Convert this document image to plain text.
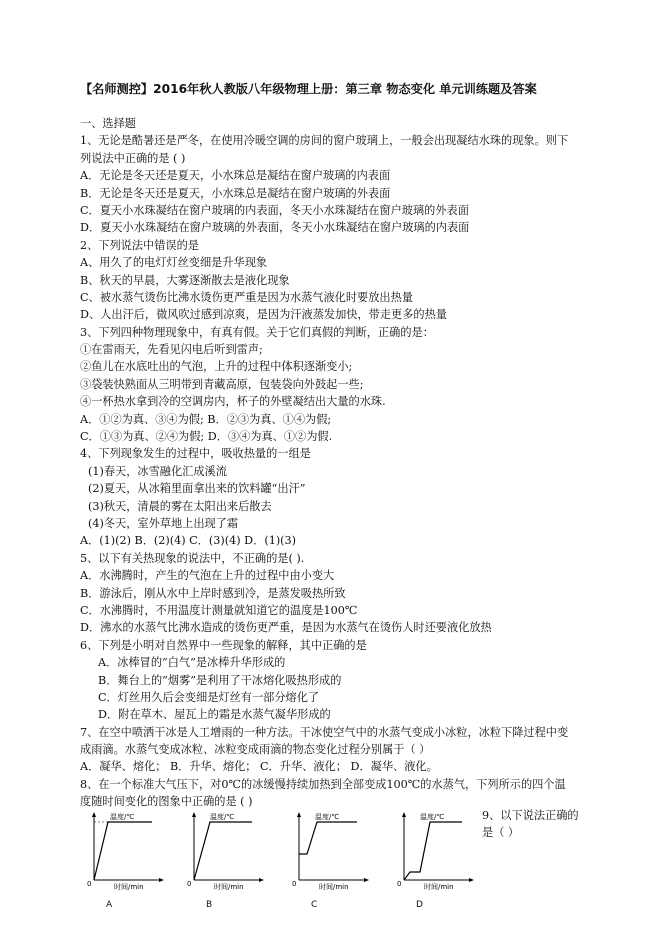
【名师测控】2016年秋人教版八年级物理上册：第三章 物态变化 单元训练题及答案
一、选择题
1、无论是酷暑还是严冬，在使用冷暖空调的房间的窗户玻璃上，一般会出现凝结水珠的现象。则下
列说法中正确的是 ( )
A．无论是冬天还是夏天，小水珠总是凝结在窗户玻璃的内表面
B．无论是冬天还是夏天，小水珠总是凝结在窗户玻璃的外表面
C．夏天小水珠凝结在窗户玻璃的内表面，冬天小水珠凝结在窗户玻璃的外表面
D．夏天小水珠凝结在窗户玻璃的外表面，冬天小水珠凝结在窗户玻璃的内表面
2、下列说法中错误的是
A、用久了的电灯灯丝变细是升华现象
B、秋天的早晨，大雾逐渐散去是液化现象
C、被水蒸气烫伤比沸水烫伤更严重是因为水蒸气液化时要放出热量
D、人出汗后，微风吹过感到凉爽，是因为汗液蒸发加快，带走更多的热量
3、下列四种物理现象中，有真有假。关于它们真假的判断，正确的是：
①在雷雨天，先看见闪电后听到雷声;
②鱼儿在水底吐出的气泡，上升的过程中体积逐渐变小;
③袋装快熟面从三明带到青藏高原，包装袋向外鼓起一些;
④一杯热水拿到冷的空调房内，杯子的外壁凝结出大量的水珠.
A．①②为真、③④为假; B．②③为真、①④为假;
C．①③为真、②④为假; D．③④为真、①②为假.
4、下列现象发生的过程中，吸收热量的一组是
(1)春天，冰雪融化汇成溪流
(2)夏天，从冰箱里面拿出来的饮料罐“出汗”
(3)秋天，清晨的雾在太阳出来后散去
(4)冬天，室外草地上出现了霜
A．(1)(2) B．(2)(4) C．(3)(4) D．(1)(3)
5、以下有关热现象的说法中，不正确的是( ).
A．水沸腾时，产生的气泡在上升的过程中由小变大
B．游泳后，刚从水中上岸时感到冷，是蒸发吸热所致
C．水沸腾时，不用温度计测量就知道它的温度是100℃
D．沸水的水蒸气比沸水造成的烫伤更严重，是因为水蒸气在烫伤人时还要液化放热
6、下列是小明对自然界中一些现象的解释，其中正确的是
A．冰棒冒的“白气”是冰棒升华形成的
B．舞台上的“烟雾”是利用了干冰熔化吸热形成的
C．灯丝用久后会变细是灯丝有一部分熔化了
D．附在草木、屋瓦上的霜是水蒸气凝华形成的
7、在空中喷洒干冰是人工增雨的一种方法。干冰使空气中的水蒸气变成小冰粒，冰粒下降过程中变
成雨滴。水蒸气变成冰粒、冰粒变成雨滴的物态变化过程分别属于（ ）
A．凝华、熔化； B．升华、熔化； C．升华、液化； D．凝华、液化。
8、在一个标准大气压下，对0℃的冰缓慢持续加热到全部变成100℃的水蒸气，下列所示的四个温
度随时间变化的图象中正确的是 ( )
温度/℃
时间/min
0
A
温度/℃
时间/min
0
B
温度/℃
时间/min
0
C
温度/℃
时间/min
0
D
9、以下说法正确的
是（ ）
